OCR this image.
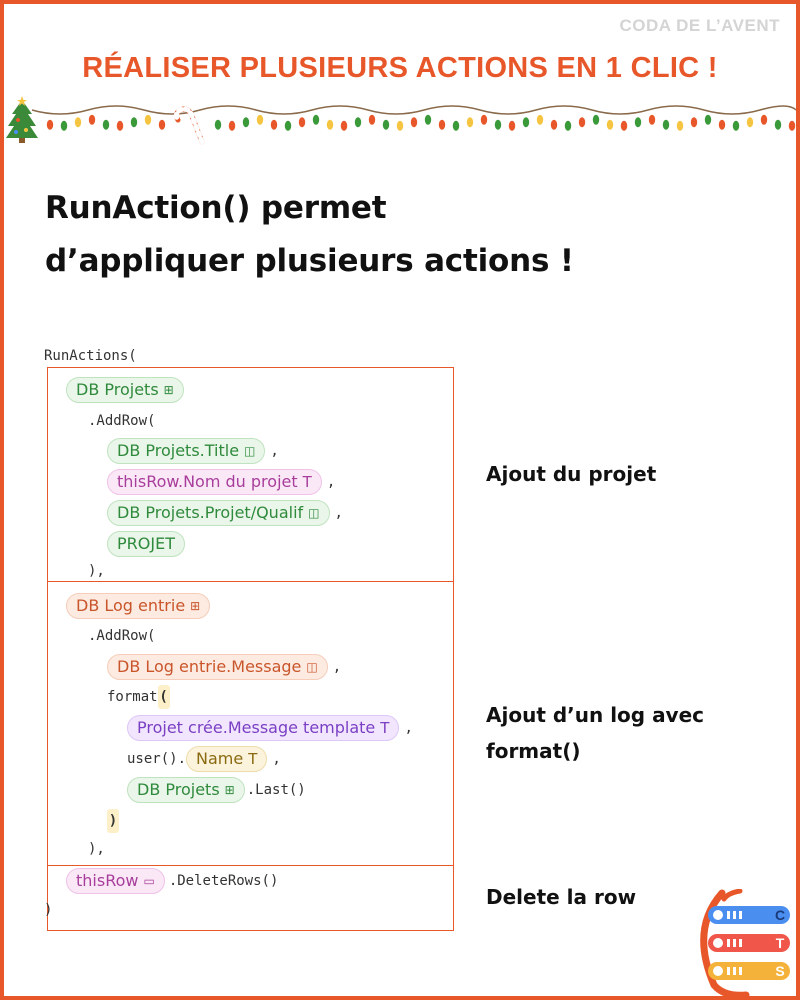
CODA DE L’AVENT
RÉALISER PLUSIEURS ACTIONS EN 1 CLIC !
RunAction() permet
d’appliquer plusieurs actions !
RunActions(
DB Projets ⊞
.AddRow(
DB Projets.Title ◫ ,
thisRow.Nom du projet T ,
DB Projets.Projet/Qualif ◫ ,
PROJET
),
DB Log entrie ⊞
.AddRow(
DB Log entrie.Message ◫ ,
format (
Projet crée.Message template T ,
user(). Name T ,
DB Projets ⊞ .Last()
)
),
thisRow ▭ .DeleteRows()
)
Ajout du projet
Ajout d’un log avec
format()
Delete la row
C
T
S
